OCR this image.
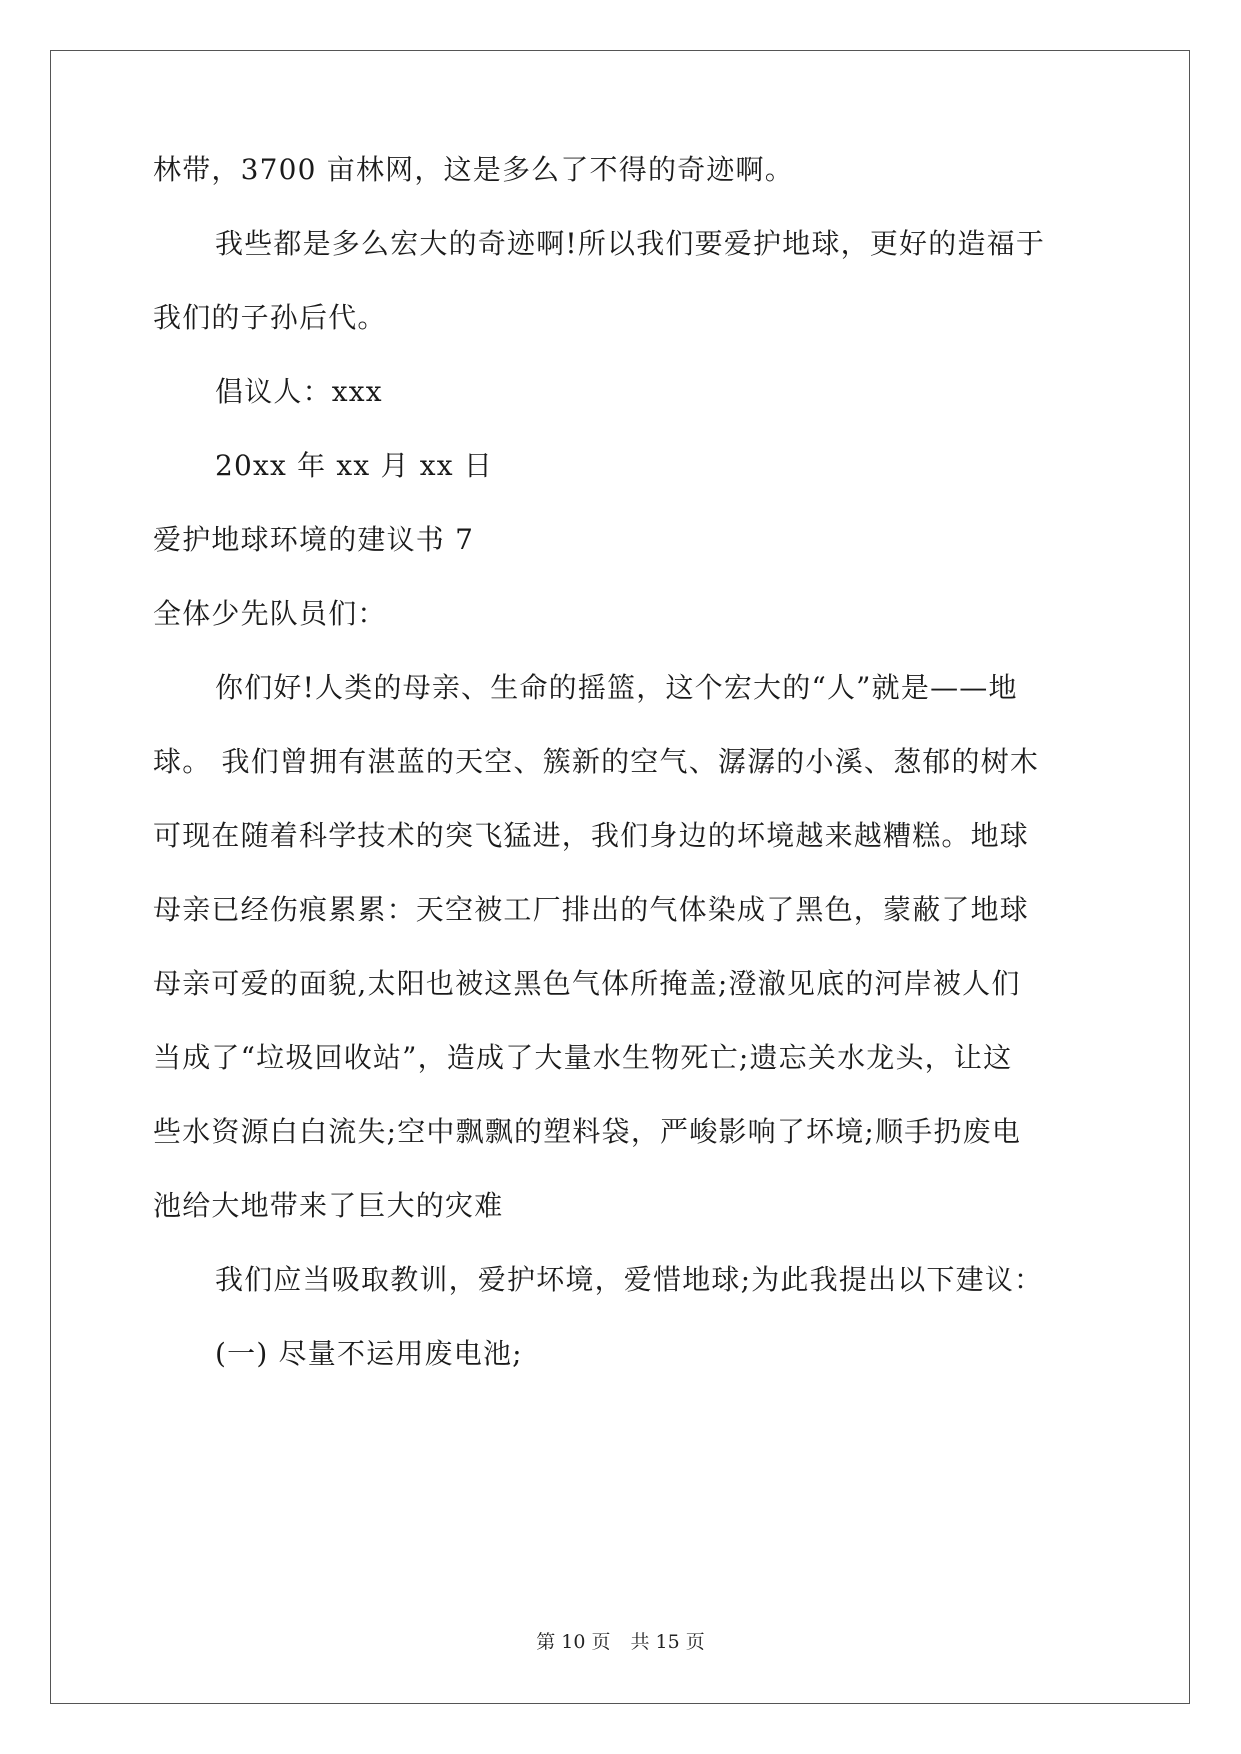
林带，3700 亩林网，这是多么了不得的奇迹啊。
我些都是多么宏大的奇迹啊!所以我们要爱护地球，更好的造福于
我们的子孙后代。
倡议人：xxx
20xx 年 xx 月 xx 日
爱护地球环境的建议书 7
全体少先队员们：
你们好!人类的母亲、生命的摇篮，这个宏大的“人”就是——地
球。 我们曾拥有湛蓝的天空、簇新的空气、潺潺的小溪、葱郁的树木
可现在随着科学技术的突飞猛进，我们身边的坏境越来越糟糕。地球
母亲已经伤痕累累：天空被工厂排出的气体染成了黑色，蒙蔽了地球
母亲可爱的面貌,太阳也被这黑色气体所掩盖;澄澈见底的河岸被人们
当成了“垃圾回收站”，造成了大量水生物死亡;遗忘关水龙头，让这
些水资源白白流失;空中飘飘的塑料袋，严峻影响了坏境;顺手扔废电
池给大地带来了巨大的灾难
我们应当吸取教训，爱护坏境，爱惜地球;为此我提出以下建议：
(一) 尽量不运用废电池;
第 10 页 共 15 页
